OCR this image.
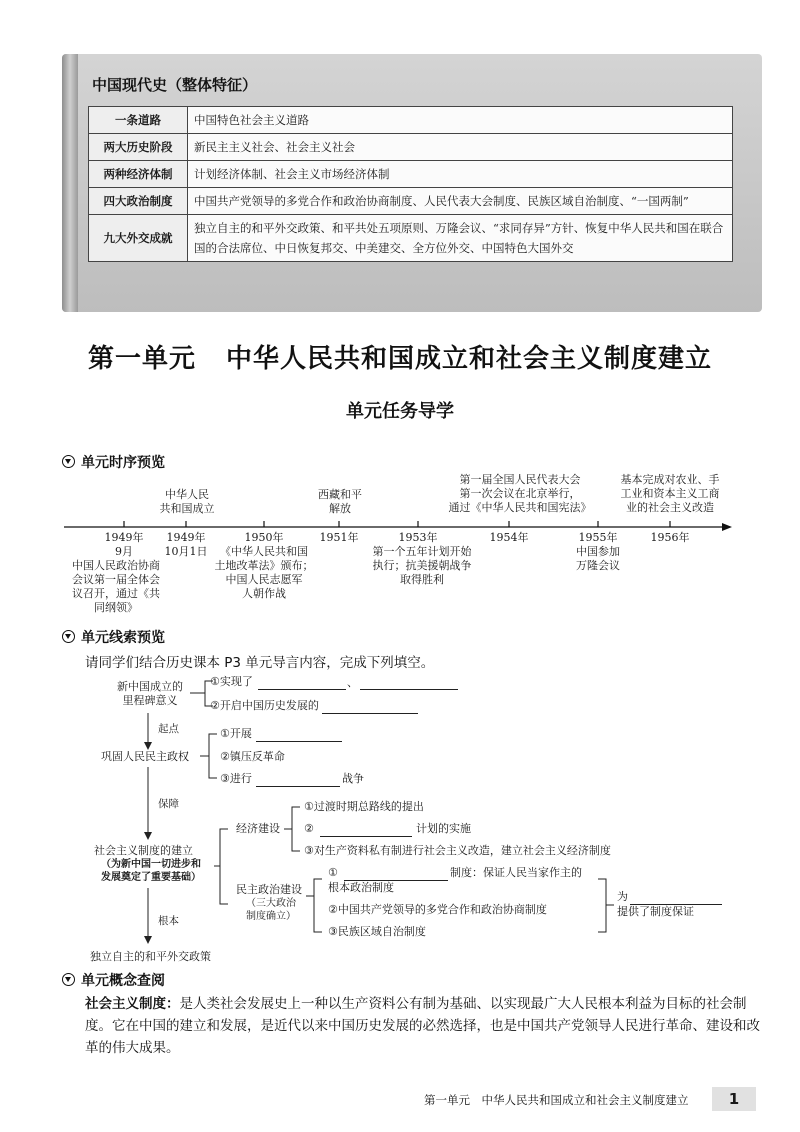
中国现代史（整体特征）
一条道路	中国特色社会主义道路
两大历史阶段	新民主主义社会、社会主义社会
两种经济体制	计划经济体制、社会主义市场经济体制
四大政治制度	中国共产党领导的多党合作和政治协商制度、人民代表大会制度、民族区域自治制度、“一国两制”
九大外交成就	独立自主的和平外交政策、和平共处五项原则、万隆会议、“求同存异”方针、恢复中华人民共和国在联合国的合法席位、中日恢复邦交、中美建交、全方位外交、中国特色大国外交
第一单元 中华人民共和国成立和社会主义制度建立
单元任务导学
单元时序预览
中华人民
共和国成立
西藏和平
解放
第一届全国人民代表大会
第一次会议在北京举行，
通过《中华人民共和国宪法》
基本完成对农业、手
工业和资本主义工商
业的社会主义改造
1949年
9月
1949年
10月1日
1950年	1951年	1953年	1954年	1955年	1956年
中国人民政治协商
会议第一届全体会
议召开，通过《共
同纲领》
《中华人民共和国
土地改革法》颁布；
中国人民志愿军
人朝作战
第一个五年计划开始
执行；抗美援朝战争
取得胜利
中国参加
万隆会议
单元线索预览
请同学们结合历史课本 P3 单元导言内容，完成下列填空。
新中国成立的
里程碑意义
①实现了	、
②开启中国历史发展的
起点
巩固人民民主政权
①开展
②镇压反革命
③进行	战争
保障
社会主义制度的建立
（为新中国一切进步和
发展奠定了重要基础）
经济建设
①过渡时期总路线的提出
②	计划的实施
③对生产资料私有制进行社会主义改造，建立社会主义经济制度
民主政治建设
（三大政治
制度确立）
①	制度：保证人民当家作主的
根本政治制度
②中国共产党领导的多党合作和政治协商制度
③民族区域自治制度
为
提供了制度保证
根本
独立自主的和平外交政策
单元概念查阅
社会主义制度：是人类社会发展史上一种以生产资料公有制为基础、以实现最广大人民根本利益为目标的社会制度。它在中国的建立和发展，是近代以来中国历史发展的必然选择，也是中国共产党领导人民进行革命、建设和改革的伟大成果。
第一单元　中华人民共和国成立和社会主义制度建立	1
